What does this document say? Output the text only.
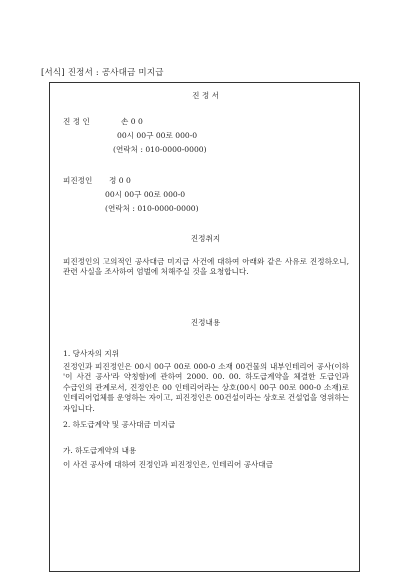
[서식] 진정서 : 공사대금 미지급
진 정 서
진 정 인	손 0 0
00시 00구 00로 000-0
(연락처 : 010-0000-0000)
피진정인 정 0 0
00시 00구 00로 000-0
(연락처 : 010-0000-0000)
진정취지
피진정인의 고의적인 공사대금 미지급 사건에 대하여 아래와 같은 사유로 진정하오니, 관련 사실을 조사하여 엄벌에 처해주실 것을 요청합니다.
진정내용
1. 당사자의 지위
진정인과 피진정인은 00시 00구 00로 000-0 소재 00건물의 내부인테리어 공사(이하 '이 사건 공사'라 약칭함)에 관하여 2000. 00. 00. 하도급계약을 체결한 도급인과 수급인의 관계로서, 진정인은 00 인테리어라는 상호(00시 00구 00로 000-0 소재)로 인테리어업체를 운영하는 자이고, 피진정인은 00건설이라는 상호로 건설업을 영위하는 자입니다.
2. 하도급계약 및 공사대금 미지급
가. 하도급계약의 내용
이 사건 공사에 대하여 진정인과 피진정인은, 인테리어 공사대금
